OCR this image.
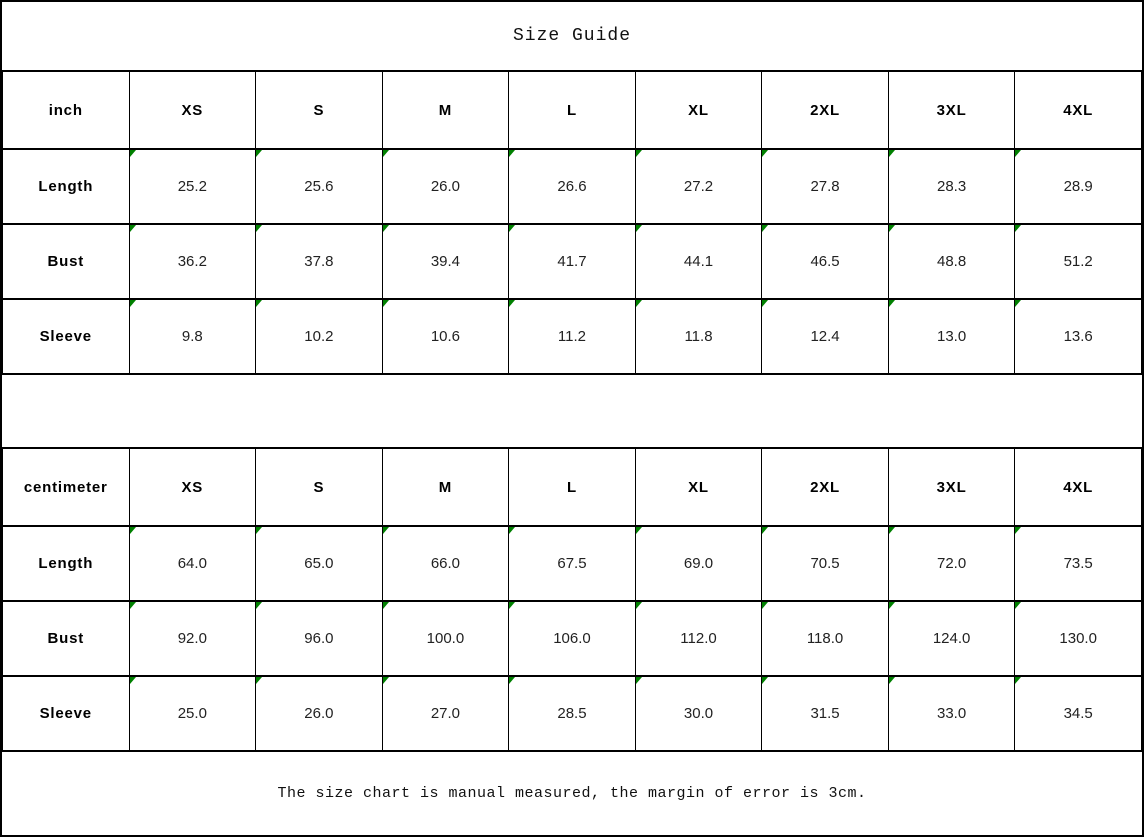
Size Guide
inch	XS	S	M	L	XL	2XL	3XL	4XL
Length	25.2	25.6	26.0	26.6	27.2	27.8	28.3	28.9

Bust	36.2	37.8	39.4	41.7	44.1	46.5	48.8	51.2

Sleeve	9.8	10.2	10.6	11.2	11.8	12.4	13.0	13.6
centimeter	XS	S	M	L	XL	2XL	3XL	4XL
Length	64.0	65.0	66.0	67.5	69.0	70.5	72.0	73.5

Bust	92.0	96.0	100.0	106.0	112.0	118.0	124.0	130.0

Sleeve	25.0	26.0	27.0	28.5	30.0	31.5	33.0	34.5
The size chart is manual measured, the margin of error is 3cm.
